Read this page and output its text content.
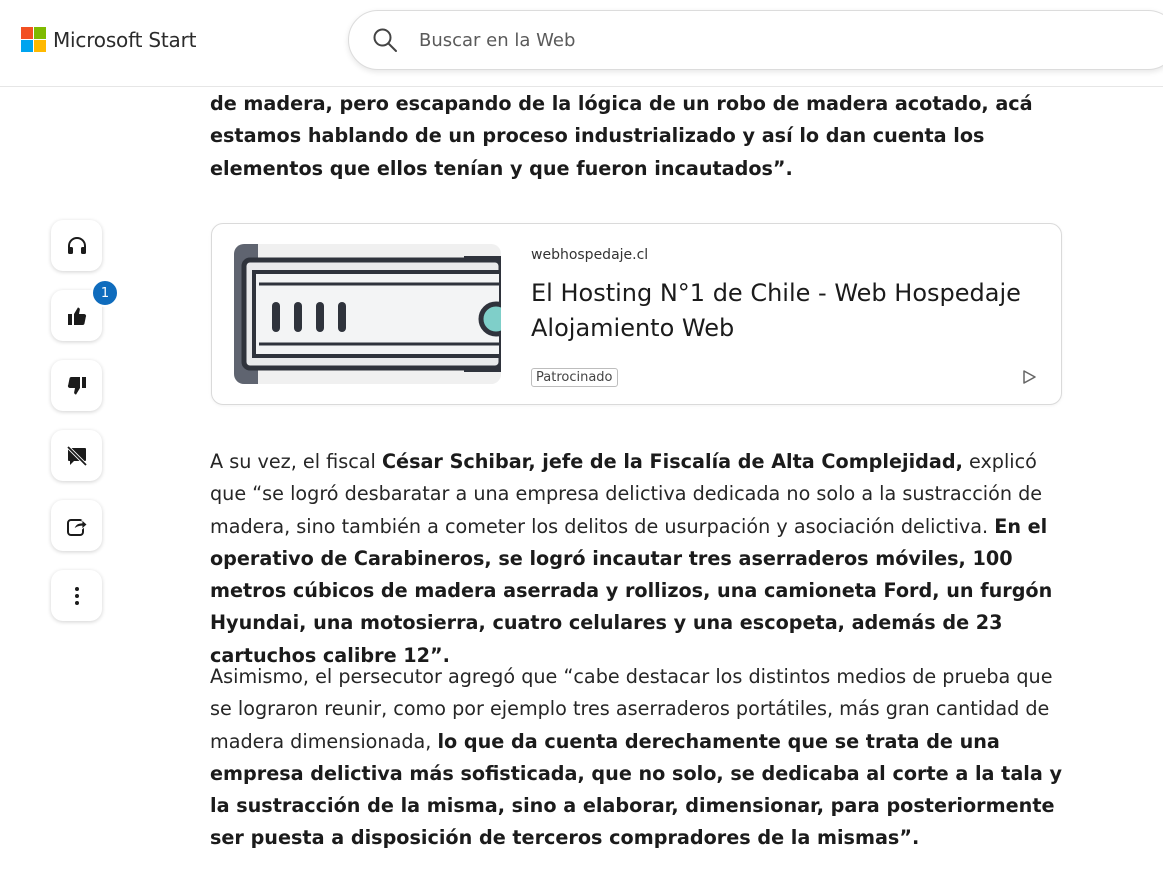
Microsoft Start
Buscar en la Web

de madera, pero escapando de la lógica de un robo de madera acotado, acá estamos hablando de un proceso industrializado y así lo dan cuenta los elementos que ellos tenían y que fueron incautados”.

1
webhospedaje.cl
El Hosting N°1 de Chile - Web Hospedaje Alojamiento Web
Patrocinado

A su vez, el fiscal César Schibar, jefe de la Fiscalía de Alta Complejidad, explicó que “se logró desbaratar a una empresa delictiva dedicada no solo a la sustracción de madera, sino también a cometer los delitos de usurpación y asociación delictiva. En el operativo de Carabineros, se logró incautar tres aserraderos móviles, 100 metros cúbicos de madera aserrada y rollizos, una camioneta Ford, un furgón Hyundai, una motosierra, cuatro celulares y una escopeta, además de 23 cartuchos calibre 12”.

Asimismo, el persecutor agregó que “cabe destacar los distintos medios de prueba que se lograron reunir, como por ejemplo tres aserraderos portátiles, más gran cantidad de madera dimensionada, lo que da cuenta derechamente que se trata de una empresa delictiva más sofisticada, que no solo, se dedicaba al corte a la tala y la sustracción de la misma, sino a elaborar, dimensionar, para posteriormente ser puesta a disposición de terceros compradores de la mismas”.
